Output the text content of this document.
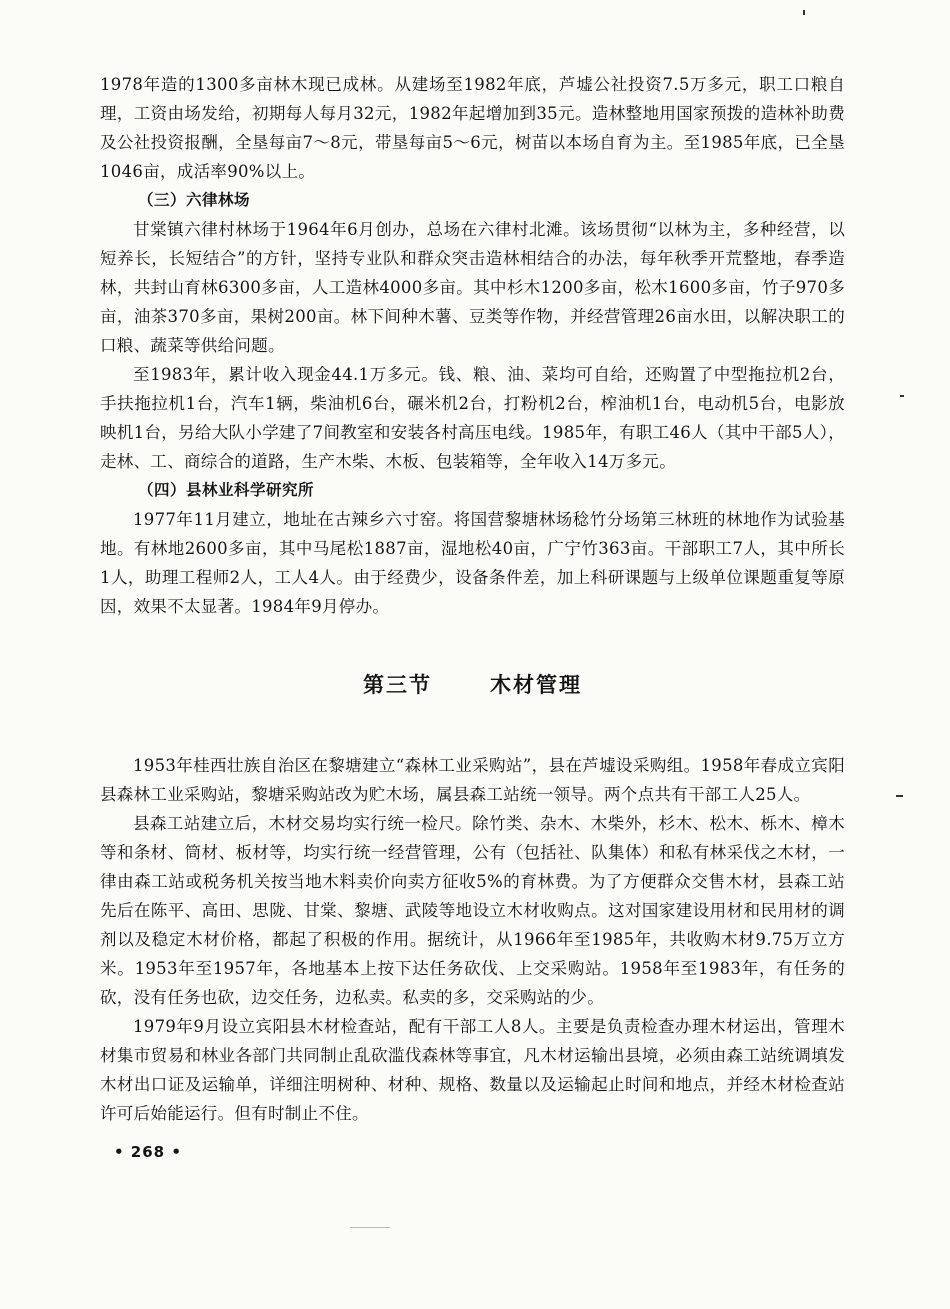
1978年造的1300多亩林木现已成林。从建场至1982年底，芦墟公社投资7.5万多元，职工口粮自理，工资由场发给，初期每人每月32元，1982年起增加到35元。造林整地用国家预拨的造林补助费及公社投资报酬，全垦每亩7～8元，带垦每亩5～6元，树苗以本场自育为主。至1985年底，已全垦1046亩，成活率90%以上。

（三）六律林场

甘棠镇六律村林场于1964年6月创办，总场在六律村北滩。该场贯彻“以林为主，多种经营，以短养长，长短结合”的方针，坚持专业队和群众突击造林相结合的办法，每年秋季开荒整地，春季造林，共封山育林6300多亩，人工造林4000多亩。其中杉木1200多亩，松木1600多亩，竹子970多亩，油茶370多亩，果树200亩。林下间种木薯、豆类等作物，并经营管理26亩水田，以解决职工的口粮、蔬菜等供给问题。

至1983年，累计收入现金44.1万多元。钱、粮、油、菜均可自给，还购置了中型拖拉机2台，手扶拖拉机1台，汽车1辆，柴油机6台，碾米机2台，打粉机2台，榨油机1台，电动机5台，电影放映机1台，另给大队小学建了7间教室和安装各村高压电线。1985年，有职工46人（其中干部5人），走林、工、商综合的道路，生产木柴、木板、包装箱等，全年收入14万多元。

（四）县林业科学研究所

1977年11月建立，地址在古辣乡六寸窑。将国营黎塘林场稔竹分场第三林班的林地作为试验基地。有林地2600多亩，其中马尾松1887亩，湿地松40亩，广宁竹363亩。干部职工7人，其中所长1人，助理工程师2人，工人4人。由于经费少，设备条件差，加上科研课题与上级单位课题重复等原因，效果不太显著。1984年9月停办。

第三节	木材管理

1953年桂西壮族自治区在黎塘建立“森林工业采购站”，县在芦墟设采购组。1958年春成立宾阳县森林工业采购站，黎塘采购站改为贮木场，属县森工站统一领导。两个点共有干部工人25人。

县森工站建立后，木材交易均实行统一检尺。除竹类、杂木、木柴外，杉木、松木、栎木、樟木等和条材、筒材、板材等，均实行统一经营管理，公有（包括社、队集体）和私有林采伐之木材，一律由森工站或税务机关按当地木料卖价向卖方征收5%的育林费。为了方便群众交售木材，县森工站先后在陈平、高田、思陇、甘棠、黎塘、武陵等地设立木材收购点。这对国家建设用材和民用材的调剂以及稳定木材价格，都起了积极的作用。据统计，从1966年至1985年，共收购木材9.75万立方米。1953年至1957年，各地基本上按下达任务砍伐、上交采购站。1958年至1983年，有任务的砍，没有任务也砍，边交任务，边私卖。私卖的多，交采购站的少。

1979年9月设立宾阳县木材检查站，配有干部工人8人。主要是负责检查办理木材运出，管理木材集市贸易和林业各部门共同制止乱砍滥伐森林等事宜，凡木材运输出县境，必须由森工站统调填发木材出口证及运输单，详细注明树种、材种、规格、数量以及运输起止时间和地点，并经木材检查站许可后始能运行。但有时制止不住。

• 268 •
